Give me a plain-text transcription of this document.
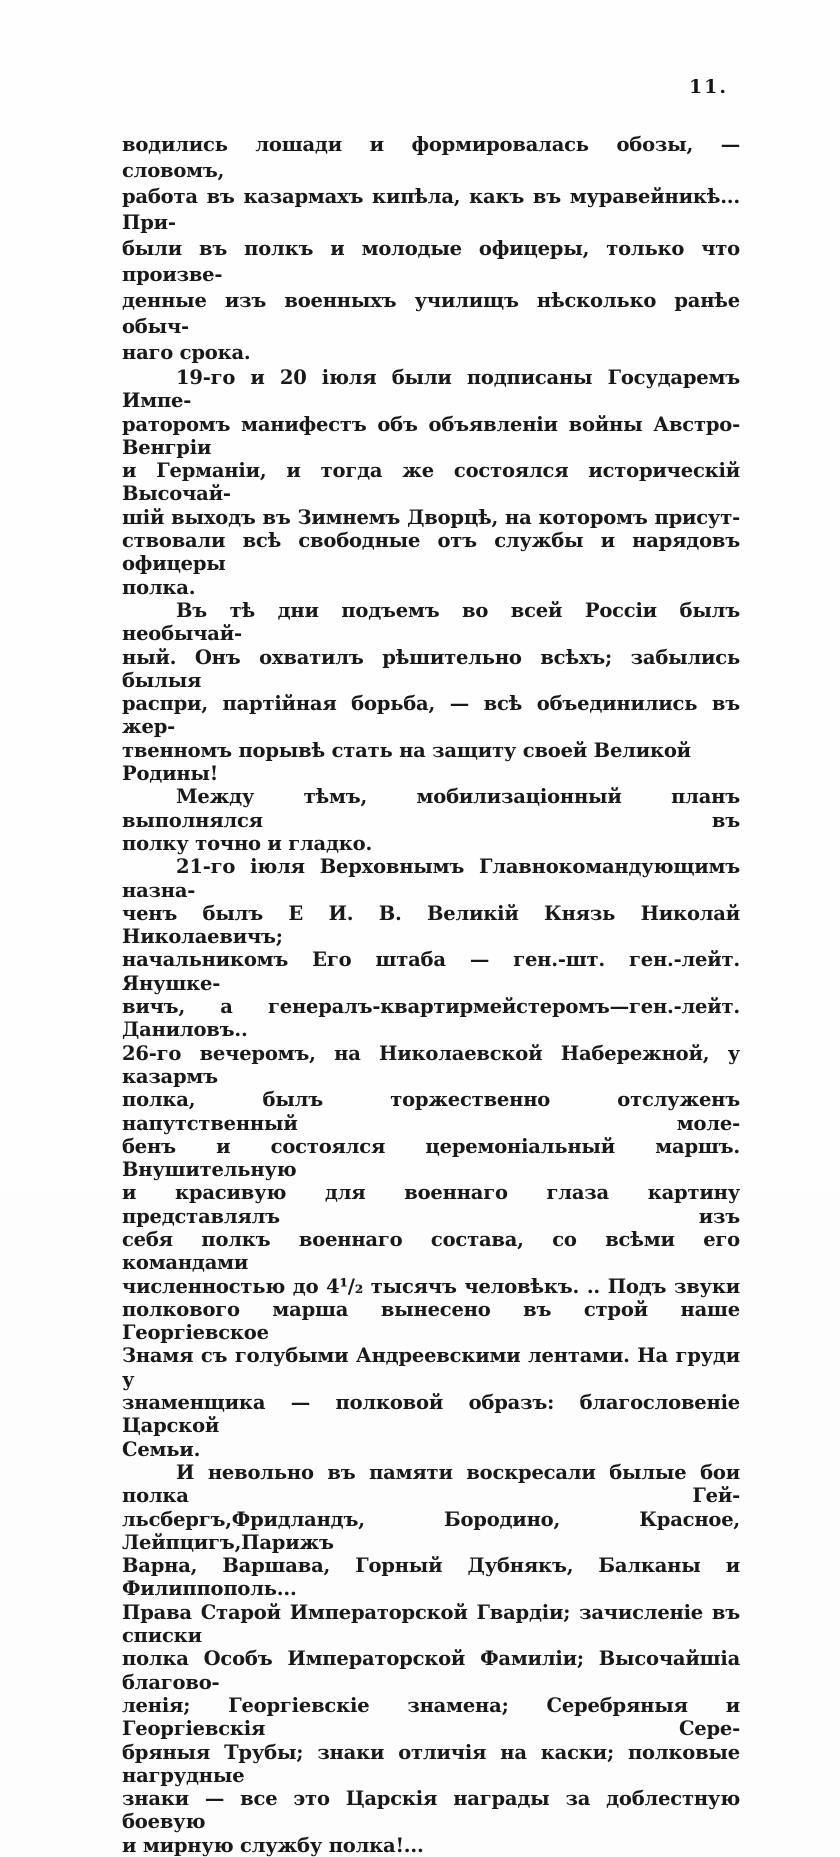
11.
водились лошади и формировалась обозы, — словомъ,
работа въ казармахъ кипѣла, какъ въ муравейникѣ... При-
были въ полкъ и молодые офицеры, только что произве-
денные изъ военныхъ училищъ нѣсколько ранѣе обыч-
наго срока.
19-го и 20 іюля были подписаны Государемъ Импе-
раторомъ манифестъ объ объявленіи войны Австро-Венгріи
и Германіи, и тогда же состоялся историческій Высочай-
шій выходъ въ Зимнемъ Дворцѣ, на которомъ присут-
ствовали всѣ свободные отъ службы и нарядовъ офицеры
полка.
Въ тѣ дни подъемъ во всей Россіи былъ необычай-
ный. Онъ охватилъ рѣшительно всѣхъ; забылись былыя
распри, партійная борьба, — всѣ объединились въ жер-
твенномъ порывѣ стать на защиту своей Великой Родины!
Между тѣмъ, мобилизаціонный планъ выполнялся въ
полку точно и гладко.
21-го іюля Верховнымъ Главнокомандующимъ назна-
ченъ былъ Е И. В. Великій Князь Николай Николаевичъ;
начальникомъ Его штаба — ген.-шт. ген.-лейт. Янушке-
вичъ, а генералъ-квартирмейстеромъ—ген.-лейт. Даниловъ..
26-го вечеромъ, на Николаевской Набережной, у казармъ
полка, былъ торжественно отслуженъ напутственный моле-
бенъ и состоялся церемоніальный маршъ. Внушительную
и красивую для военнаго глаза картину представлялъ изъ
себя полкъ военнаго состава, со всѣми его командами
численностью до 4¹/₂ тысячъ человѣкъ. .. Подъ звуки
полкового марша вынесено въ строй наше Георгіевское
Знамя съ голубыми Андреевскими лентами. На груди у
знаменщика — полковой образъ: благословеніе Царской
Семьи.
И невольно въ памяти воскресали былые бои полка Гей-
льсбергъ,Фридландъ, Бородино, Красное, Лейпцигъ,Парижъ
Варна, Варшава, Горный Дубнякъ, Балканы и Филиппополь...
Права Старой Императорской Гвардіи; зачисленіе въ списки
полка Особъ Императорской Фамиліи; Высочайшіа благово-
ленія; Георгіевскіе знамена; Серебряныя и Георгіевскія Сере-
бряныя Трубы; знаки отличія на каски; полковые нагрудные
знаки — все это Царскія награды за доблестную боевую
и мирную службу полка!...
